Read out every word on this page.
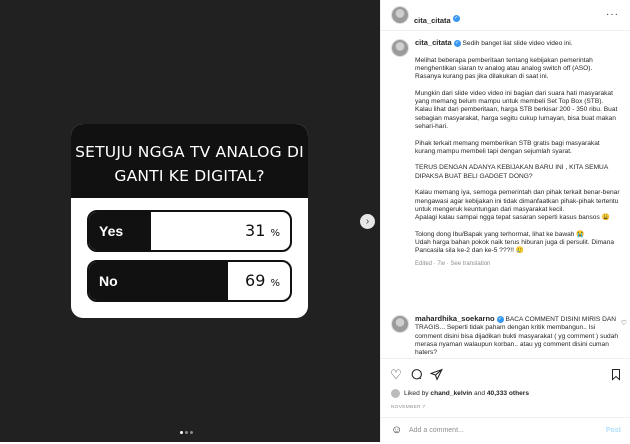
SETUJU NGGA TV ANALOG DI
GANTI KE DIGITAL?
Yes	31 %
No	69 %
›
cita_citata ✓	···

cita_citata ✓ Sedih banget liat slide video video ini.

Melihat beberapa pemberitaan tentang kebijakan pemerintah menghentikan siaran tv analog atau analog switch off (ASO). Rasanya kurang pas jika dilakukan di saat ini.

Mungkin dari slide video video ini bagian dari suara hati masyarakat yang memang belum mampu untuk membeli Set Top Box (STB). Kalau lihat dari pemberitaan, harga STB berkisar 200 - 350 ribu. Buat sebagian masyarakat, harga segitu cukup lumayan, bisa buat makan sehari-hari.

Pihak terkait memang memberikan STB gratis bagi masyarakat kurang mampu membeli tapi dengan sejumlah syarat.

TERUS DENGAN ADANYA KEBIJAKAN BARU INI , KITA SEMUA DIPAKSA BUAT BELI GADGET DONG?

Kalau memang iya, semoga pemerintah dan pihak terkait benar-benar mengawasi agar kebijakan ini tidak dimanfaatkan pihak-pihak tertentu untuk mengeruk keuntungan dari masyarakat kecil.
Apalagi kalau sampai ngga tepat sasaran seperti kasus bansos 😩

Tolong dong Ibu/Bapak yang terhormat, lihat ke bawah 😭
Udah harga bahan pokok naik terus hiburan juga di persulit. Dimana Pancasila sila ke-2 dan ke-5 ???!! 🥲

Edited · 7w · See translation
mahardhika_soekarno ✓ BACA COMMENT DISINI MIRIS DAN TRAGIS... Seperti tidak paham dengan kritik membangun.. Isi comment disini bisa dijadikan bukti masyarakat ( yg comment ) sudah merasa nyaman walaupun korban.. atau yg comment disini cuman haters?
♡
♡
Liked by chand_kelvin and 40,333 others
NOVEMBER 7
☺ Add a comment...	Post
